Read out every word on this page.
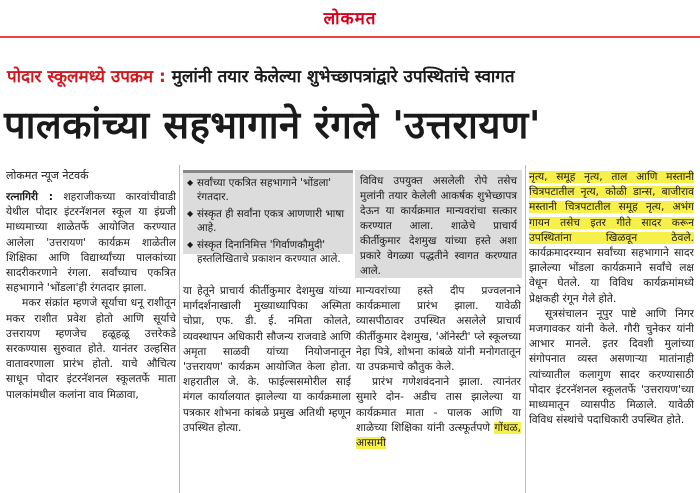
लोकमत
पोदार स्कूलमध्ये उपक्रम : मुलांनी तयार केलेल्या शुभेच्छापत्रांद्वारे उपस्थितांचे स्वागत
पालकांच्या सहभागाने रंगले 'उत्तरायण'
लोकमत न्यूज नेटवर्क

रत्नागिरी : शहराजीकच्या कारवांचीवाडी येथील पोदार इंटरनॅशनल स्कूल या इंग्रजी माध्यमाच्या शाळेतर्फे आयोजित करण्यात आलेला 'उत्तरायण' कार्यक्रम शाळेतील शिक्षिका आणि विद्यार्थ्यांच्या पालकांच्या सादरीकरणाने रंगला. सर्वांच्याच एकत्रित सहभागाने 'भोंडला'ही रंगतदार झाला.

मकर संक्रांत म्हणजे सूर्याचा धनू राशीतून मकर राशीत प्रवेश होतो आणि सूर्याचे उत्तरायण म्हणजेच हळूहळू उत्तरेकडे सरकण्यास सुरुवात होते. यानंतर उल्हसित वातावरणाला प्रारंभ होतो. याचे औचित्य साधून पोदार इंटरनॅशनल स्कूलतर्फे माता पालकांमधील कलांना वाव मिळावा,

◆ सर्वांच्या एकत्रित सहभागाने 'भोंडला' रंगतदार.
◆ संस्कृत ही सर्वांना एकत्र आणणारी भाषा आहे.
◆ संस्कृत दिनानिमित्त 'गिर्वाणकौमुदी' हस्तलिखिताचे प्रकाशन करण्यात आले.
विविध उपयुक्त असलेली रोपे तसेच मुलांनी तयार केलेली आकर्षक शुभेच्छापत्र देऊन या कार्यक्रमात मान्यवरांचा सत्कार करण्यात आला. शाळेचे प्राचार्य कीर्तीकुमार देशमुख यांच्या हस्ते अशा प्रकारे वेगळ्या पद्धतीने स्वागत करण्यात आले.

या हेतूने प्राचार्य कीर्तीकुमार देशमुख यांच्या मार्गदर्शनाखाली मुख्याध्यापिका अस्मिता चोप्रा, एफ. डी. ई. नमिता कोलते, व्यवस्थापन अधिकारी सौजन्य राजवाडे आणि अमृता साळवी यांच्या नियोजनातून 'उत्तरायण' कार्यक्रम आयोजित केला होता. शहरातील जे. के. फाईल्ससमोरील साई मंगल कार्यालयात झालेल्या या कार्यक्रमाला पत्रकार शोभना कांबळे प्रमुख अतिथी म्हणून उपस्थित होत्या.

मान्यवरांच्या हस्ते दीप प्रज्वलनाने कार्यक्रमाला प्रारंभ झाला. यावेळी व्यासपीठावर उपस्थित असलेले प्राचार्य कीर्तीकुमार देशमुख, 'ऑनेस्टी' प्ले स्कूलच्या नेहा पित्रे, शोभना कांबळे यांनी मनोगतातून या उपक्रमाचे कौतुक केले.

प्रारंभ गणेशवंदनाने झाला. त्यानंतर सुमारे दोन- अडीच तास झालेल्या या कार्यक्रमात माता - पालक आणि या शाळेच्या शिक्षिका यांनी उत्स्फूर्तपणे गोंधळ, आसामी

नृत्य, समूह नृत्य, ताल आणि मस्तानी चित्रपटातील नृत्य, कोळी डान्स, बाजीराव मस्तानी चित्रपटातील समूह नृत्य, अभंग गायन तसेच इतर गीते सादर करून उपस्थितांना खिळवून ठेवले. कार्यक्रमादरम्यान सर्वांच्या सहभागाने सादर झालेल्या भोंडला कार्यक्रमाने सर्वांचे लक्ष वेधून घेतले. या विविध कार्यक्रमांमध्ये प्रेक्षकही रंगून गेले होते.

सूत्रसंचालन नूपुर पाष्टे आणि निगर मजगावकर यांनी केले. गौरी चुनेकर यांनी आभार मानले. इतर दिवशी मुलांच्या संगोपनात व्यस्त असणाऱ्या मातांनाही त्यांच्यातील कलागुण सादर करण्यासाठी पोदार इंटरनॅशनल स्कूलतर्फे 'उत्तरायण'च्या माध्यमातून व्यासपीठ मिळाले. यावेळी विविध संस्थांचे पदाधिकारी उपस्थित होते.
